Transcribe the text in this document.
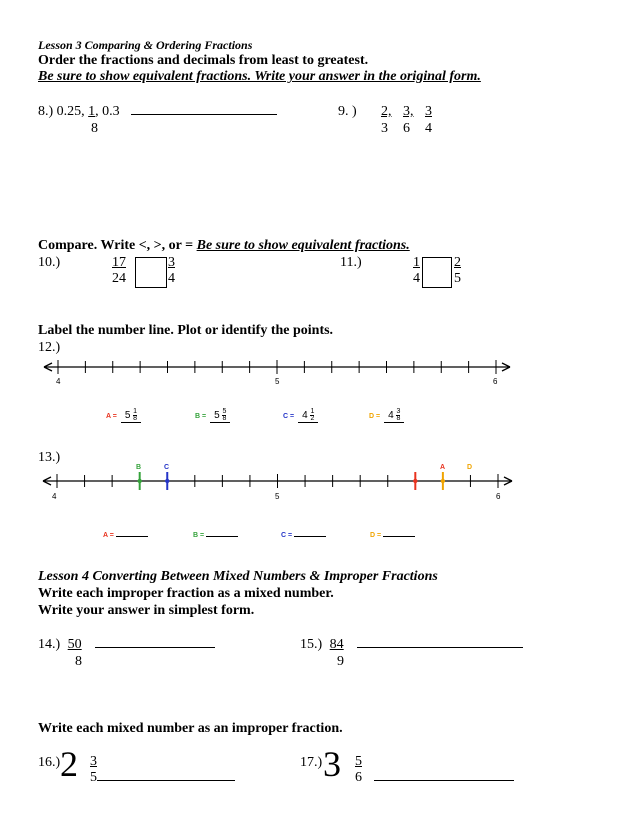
Lesson 3 Comparing & Ordering Fractions
Order the fractions and decimals from least to greatest.
Be sure to show equivalent fractions. Write your answer in the original form.
8.) 0.25, 1, 0.3
8
9. ) 2, 3, 3
3 6 4
Compare. Write <, >, or = Be sure to show equivalent fractions.
10.)	17
24
3
4
11.)	1
4
2
5
Label the number line. Plot or identify the points.
12.)
4	5	6
$A = 5 \frac{1}{8}$	$B = 5 \frac{5}{8}$	$C = 4 \frac{1}{2}$	$D = 4 \frac{3}{8}$
13.)
B	C	A	D
4	5	6
A =	B =	C =	D =
Lesson 4 Converting Between Mixed Numbers & Improper Fractions
Write each improper fraction as a mixed number.
Write your answer in simplest form.
14.) 50
8
15.) 84
9
Write each mixed number as an improper fraction.
16.) 2 3
5
17.) 3 5
6
